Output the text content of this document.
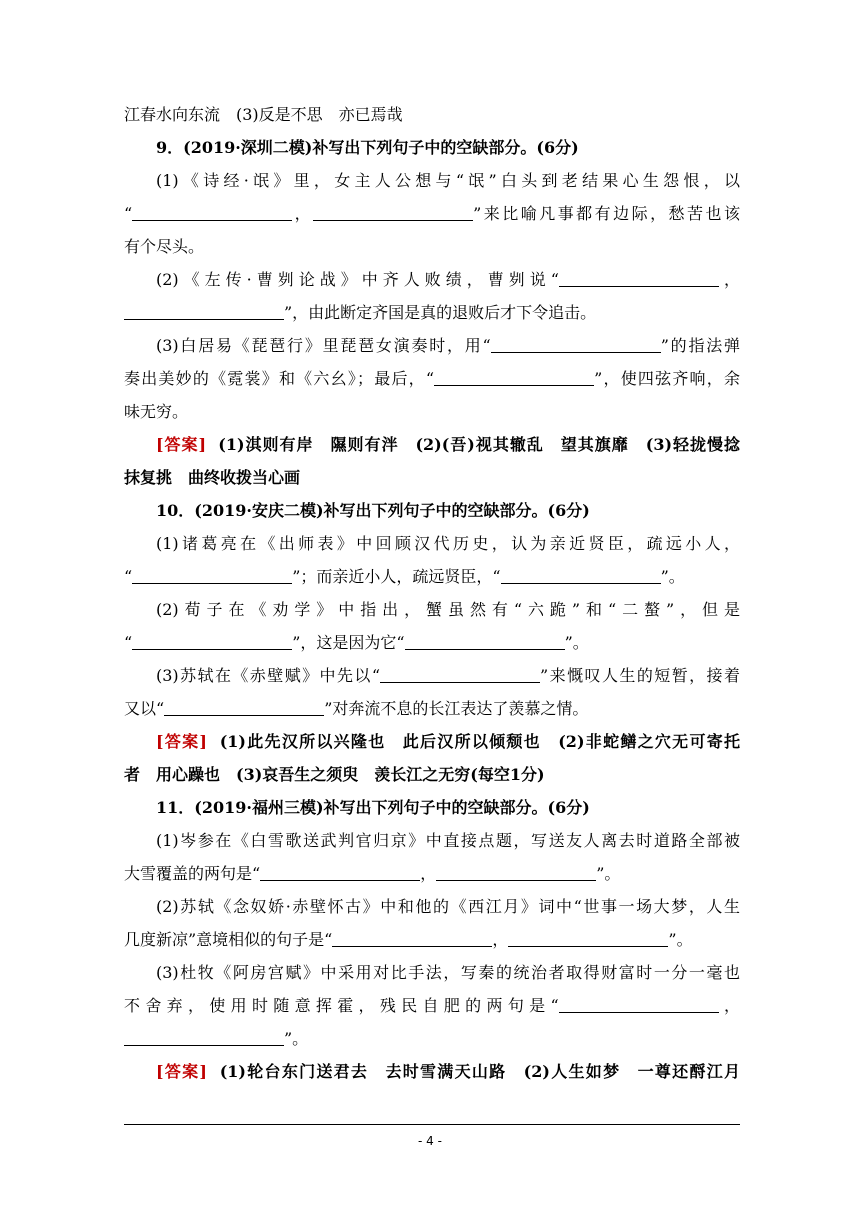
江春水向东流　(3)反是不思　亦已焉哉
9．(2019·深圳二模)补写出下列句子中的空缺部分。(6分)
(1)《诗经·氓》里，女主人公想与“氓”白头到老结果心生怨恨，以
“	，	”来比喻凡事都有边际，愁苦也该
有个尽头。
(2)《左传·曹刿论战》中齐人败绩，曹刿说“	，
”，由此断定齐国是真的退败后才下令追击。
(3)白居易《琵琶行》里琵琶女演奏时，用“	”的指法弹
奏出美妙的《霓裳》和《六幺》；最后，“	”，使四弦齐响，余
味无穷。
[答案] (1)淇则有岸　隰则有泮　(2)(吾)视其辙乱　望其旗靡　(3)轻拢慢捻
抹复挑　曲终收拨当心画
10．(2019·安庆二模)补写出下列句子中的空缺部分。(6分)
(1)诸葛亮在《出师表》中回顾汉代历史，认为亲近贤臣，疏远小人，
“	”；而亲近小人，疏远贤臣，“	”。
(2)荀子在《劝学》中指出，蟹虽然有“六跪”和“二螯”，但是
“	”，这是因为它“	”。
(3)苏轼在《赤壁赋》中先以“	”来慨叹人生的短暂，接着
又以“	”对奔流不息的长江表达了羡慕之情。
[答案] (1)此先汉所以兴隆也　此后汉所以倾颓也　(2)非蛇鳝之穴无可寄托
者　用心躁也　(3)哀吾生之须臾　羡长江之无穷(每空1分)
11．(2019·福州三模)补写出下列句子中的空缺部分。(6分)
(1)岑参在《白雪歌送武判官归京》中直接点题，写送友人离去时道路全部被
大雪覆盖的两句是“	，	”。
(2)苏轼《念奴娇·赤壁怀古》中和他的《西江月》词中“世事一场大梦，人生
几度新凉”意境相似的句子是“	，	”。
(3)杜牧《阿房宫赋》中采用对比手法，写秦的统治者取得财富时一分一毫也
不舍弃，使用时随意挥霍，残民自肥的两句是“	，
”。
[答案] (1)轮台东门送君去　去时雪满天山路　(2)人生如梦　一尊还酹江月
- 4 -
